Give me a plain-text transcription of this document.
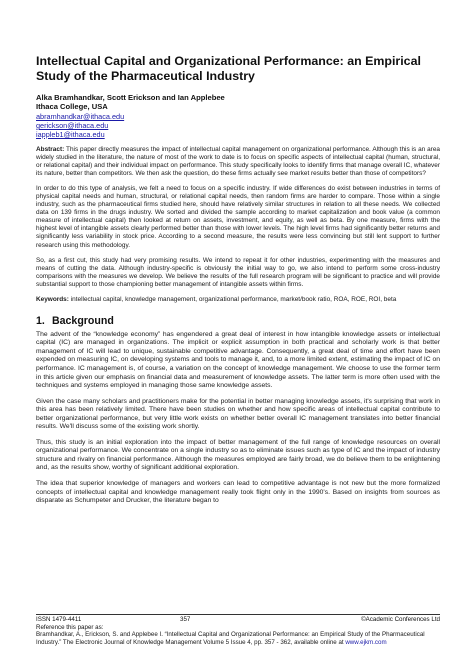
Intellectual Capital and Organizational Performance: an Empirical Study of the Pharmaceutical Industry
Alka Bramhandkar, Scott Erickson and Ian Applebee
Ithaca College, USA
abramhandkar@ithaca.edu
gerickson@ithaca.edu
iappleb1@ithaca.edu

Abstract: This paper directly measures the impact of intellectual capital management on organizational performance. Although this is an area widely studied in the literature, the nature of most of the work to date is to focus on specific aspects of intellectual capital (human, structural, or relational capital) and their individual impact on performance. This study specifically looks to identify firms that manage overall IC, whatever its nature, better than competitors. We then ask the question, do these firms actually see market results better than those of competitors?

In order to do this type of analysis, we felt a need to focus on a specific industry. If wide differences do exist between industries in terms of physical capital needs and human, structural, or relational capital needs, then random firms are harder to compare. Those within a single industry, such as the pharmaceutical firms studied here, should have relatively similar structures in relation to all these needs. We collected data on 139 firms in the drugs industry. We sorted and divided the sample according to market capitalization and book value (a common measure of intellectual capital) then looked at return on assets, investment, and equity, as well as beta. By one measure, firms with the highest level of intangible assets clearly performed better than those with lower levels. The high level firms had significantly better returns and significantly less variability in stock price. According to a second measure, the results were less convincing but still lent support to further research using this methodology.

So, as a first cut, this study had very promising results. We intend to repeat it for other industries, experimenting with the measures and means of cutting the data. Although industry-specific is obviously the initial way to go, we also intend to perform some cross-industry comparisons with the measures we develop. We believe the results of the full research program will be significant to practice and will provide substantial support to those championing better management of intangible assets within firms.

Keywords: intellectual capital, knowledge management, organizational performance, market/book ratio, ROA, ROE, ROI, beta

1. Background

The advent of the “knowledge economy” has engendered a great deal of interest in how intangible knowledge assets or intellectual capital (IC) are managed in organizations. The implicit or explicit assumption in both practical and scholarly work is that better management of IC will lead to unique, sustainable competitive advantage. Consequently, a great deal of time and effort have been expended on measuring IC, on developing systems and tools to manage it, and, to a more limited extent, estimating the impact of IC on performance. IC management is, of course, a variation on the concept of knowledge management. We choose to use the former term in this article given our emphasis on financial data and measurement of knowledge assets. The latter term is more often used with the techniques and systems employed in managing those same knowledge assets.

Given the case many scholars and practitioners make for the potential in better managing knowledge assets, it's surprising that work in this area has been relatively limited. There have been studies on whether and how specific areas of intellectual capital contribute to better organizational performance, but very little work exists on whether better overall IC management translates into better financial results. We'll discuss some of the existing work shortly.

Thus, this study is an initial exploration into the impact of better management of the full range of knowledge resources on overall organizational performance. We concentrate on a single industry so as to eliminate issues such as type of IC and the impact of industry structure and rivalry on financial performance. Although the measures employed are fairly broad, we do believe them to be enlightening and, as the results show, worthy of significant additional exploration.

The idea that superior knowledge of managers and workers can lead to competitive advantage is not new but the more formalized concepts of intellectual capital and knowledge management really took flight only in the 1990's. Based on insights from sources as disparate as Schumpeter and Drucker, the literature began to

ISSN 1479-4411	357	©Academic Conferences Ltd
Reference this paper as:

Bramhandkar, A., Erickson, S. and Applebee I. “Intellectual Capital and Organizational Performance: an Empirical Study of the Pharmaceutical Industry.” The Electronic Journal of Knowledge Management Volume 5 Issue 4, pp. 357 - 362, available online at www.ejkm.com
